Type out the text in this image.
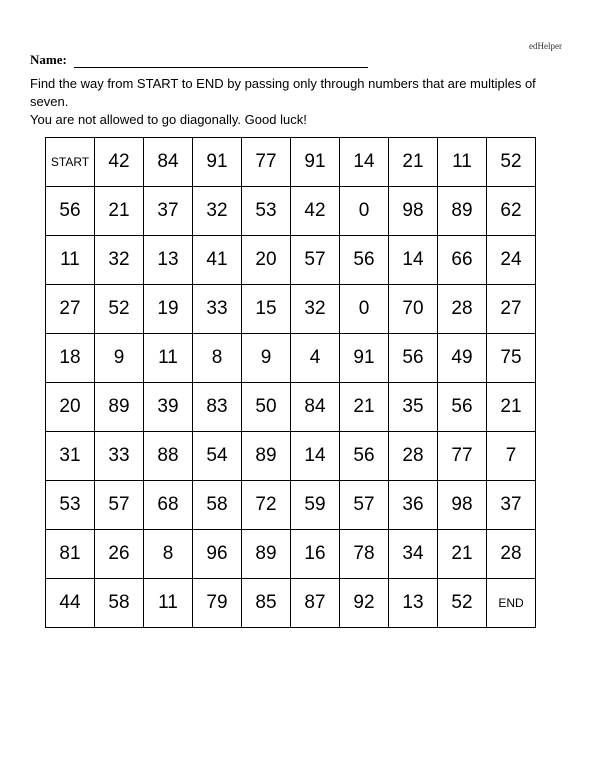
edHelper
Name:

Find the way from START to END by passing only through numbers that are multiples of seven.

You are not allowed to go diagonally. Good luck!

START	42	84	91	77	91	14	21	11	52
56	21	37	32	53	42	0	98	89	62
11	32	13	41	20	57	56	14	66	24
27	52	19	33	15	32	0	70	28	27
18	9	11	8	9	4	91	56	49	75
20	89	39	83	50	84	21	35	56	21
31	33	88	54	89	14	56	28	77	7
53	57	68	58	72	59	57	36	98	37
81	26	8	96	89	16	78	34	21	28
44	58	11	79	85	87	92	13	52	END
